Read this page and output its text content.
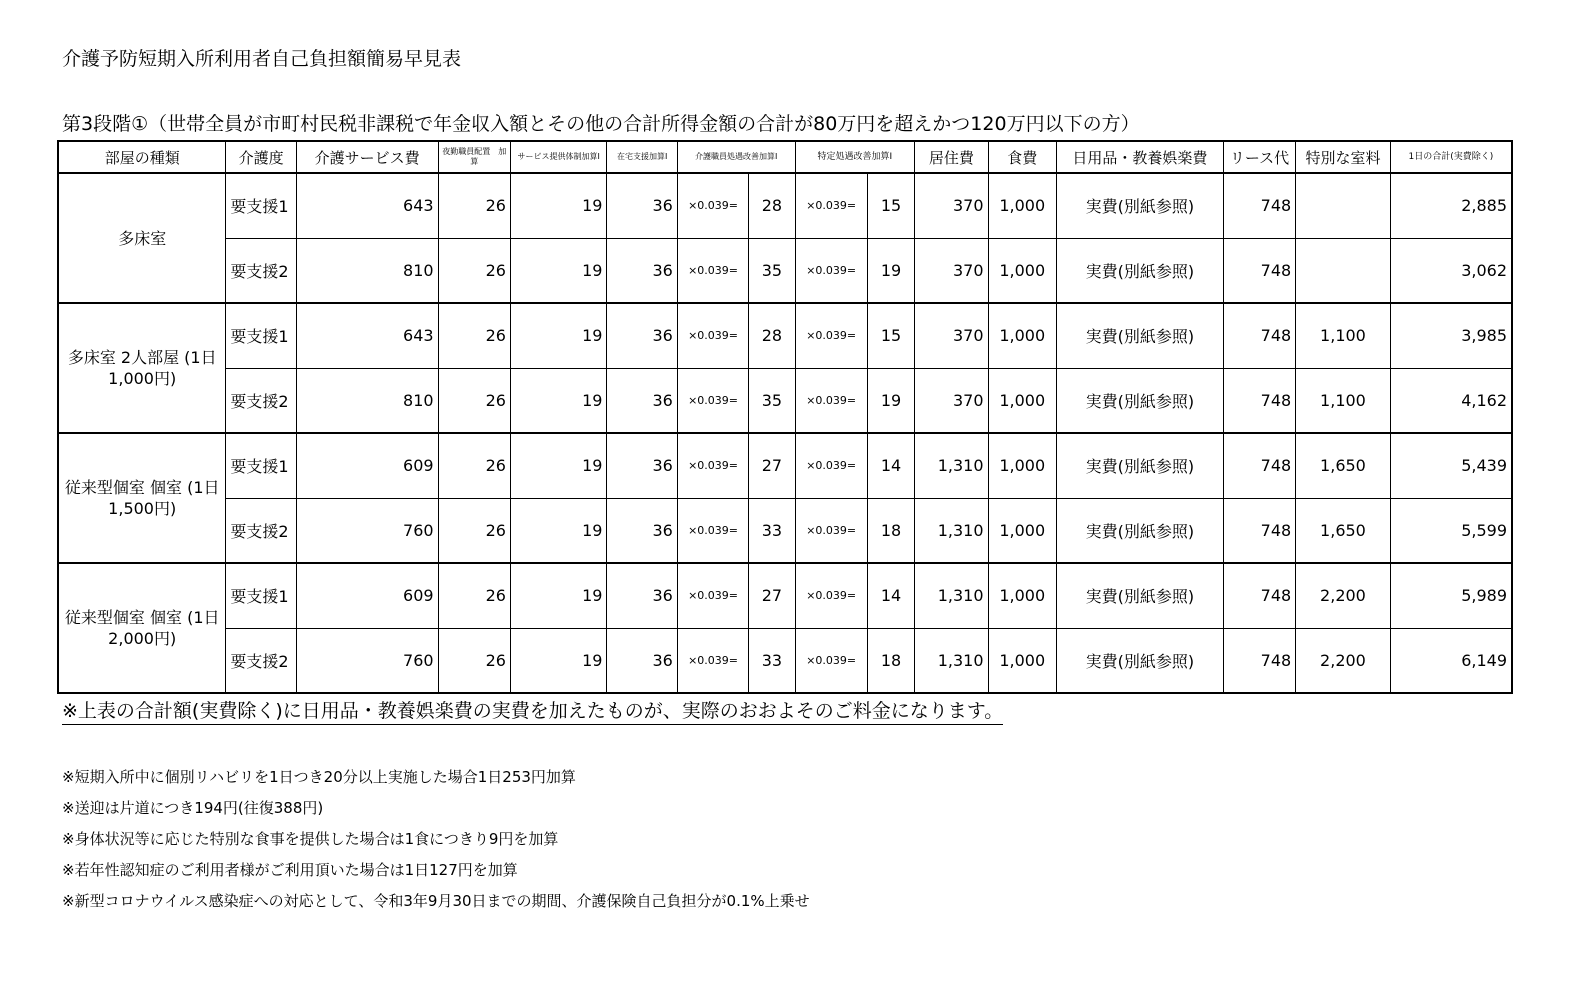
介護予防短期入所利用者自己負担額簡易早見表
第3段階①（世帯全員が市町村民税非課税で年金収入額とその他の合計所得金額の合計が80万円を超えかつ120万円以下の方）
部屋の種類	介護度	介護サービス費	夜勤職員配置　加　算	サービス提供体制加算Ⅰ	在宅支援加算Ⅰ	介護職員処遇改善加算Ⅰ		特定処遇改善加算Ⅰ		居住費	食費	日用品・教養娯楽費	リース代	特別な室料	1日の合計(実費除く)
多床室	要支援1	643	26	19	36	×0.039=	28	×0.039=	15	370	1,000	実費(別紙参照)	748		2,885
	要支援2	810	26	19	36	×0.039=	35	×0.039=	19	370	1,000	実費(別紙参照)	748		3,062
多床室 2人部屋 (1日1,000円)	要支援1	643	26	19	36	×0.039=	28	×0.039=	15	370	1,000	実費(別紙参照)	748	1,100	3,985
	要支援2	810	26	19	36	×0.039=	35	×0.039=	19	370	1,000	実費(別紙参照)	748	1,100	4,162
従来型個室 個室 (1日1,500円)	要支援1	609	26	19	36	×0.039=	27	×0.039=	14	1,310	1,000	実費(別紙参照)	748	1,650	5,439
	要支援2	760	26	19	36	×0.039=	33	×0.039=	18	1,310	1,000	実費(別紙参照)	748	1,650	5,599
従来型個室 個室 (1日2,000円)	要支援1	609	26	19	36	×0.039=	27	×0.039=	14	1,310	1,000	実費(別紙参照)	748	2,200	5,989
	要支援2	760	26	19	36	×0.039=	33	×0.039=	18	1,310	1,000	実費(別紙参照)	748	2,200	6,149
※上表の合計額(実費除く)に日用品・教養娯楽費の実費を加えたものが、実際のおおよそのご料金になります。
※短期入所中に個別リハビリを1日つき20分以上実施した場合1日253円加算
※送迎は片道につき194円(往復388円)
※身体状況等に応じた特別な食事を提供した場合は1食につきり9円を加算
※若年性認知症のご利用者様がご利用頂いた場合は1日127円を加算
※新型コロナウイルス感染症への対応として、令和3年9月30日までの期間、介護保険自己負担分が0.1%上乗せ
